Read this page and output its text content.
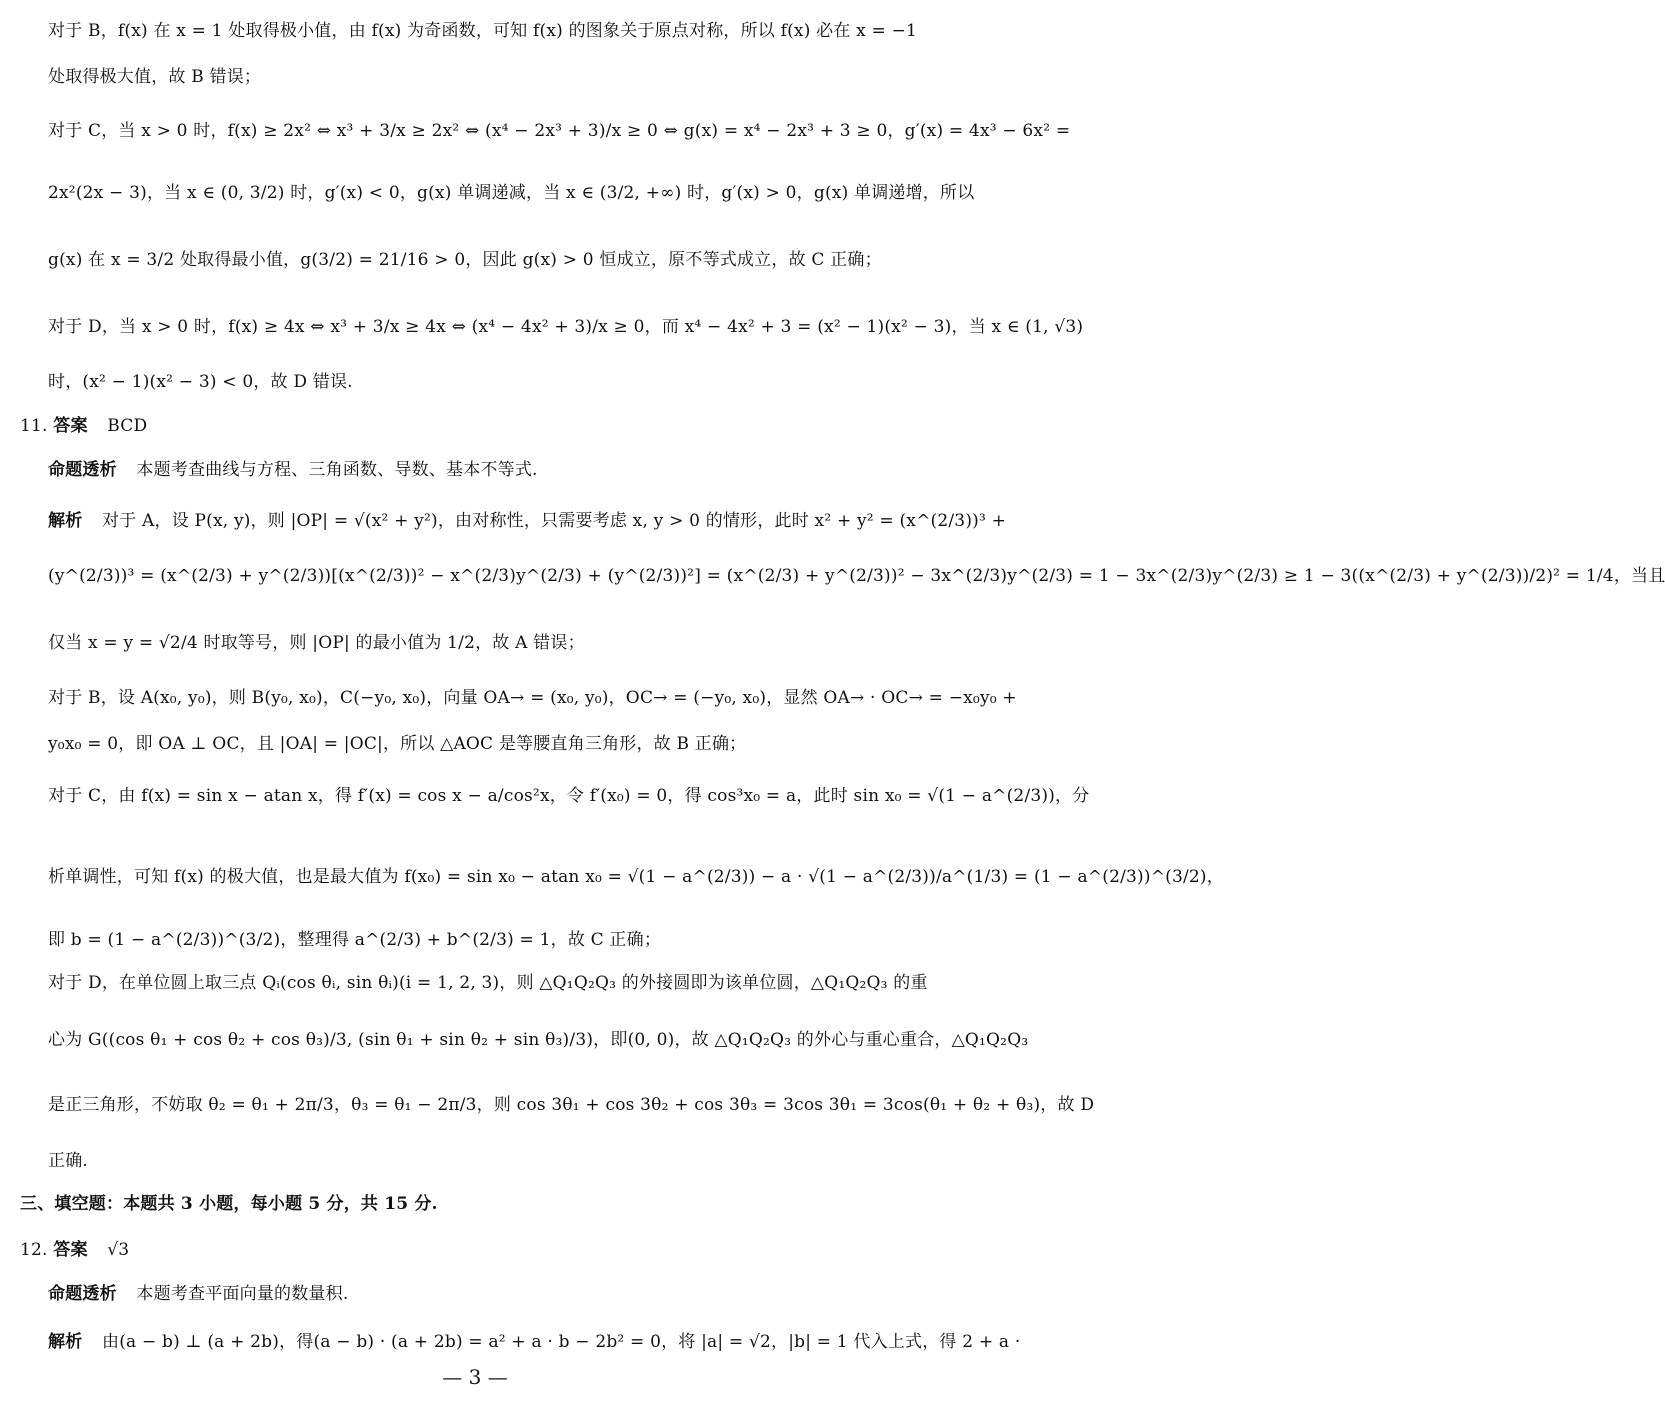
对于 B，f(x) 在 x = 1 处取得极小值，由 f(x) 为奇函数，可知 f(x) 的图象关于原点对称，所以 f(x) 必在 x = −1
处取得极大值，故 B 错误；
对于 C，当 x > 0 时，f(x) ≥ 2x² ⇔ x³ + 3/x ≥ 2x² ⇔ (x⁴ − 2x³ + 3)/x ≥ 0 ⇔ g(x) = x⁴ − 2x³ + 3 ≥ 0，g′(x) = 4x³ − 6x² =
2x²(2x − 3)，当 x ∈ (0, 3/2) 时，g′(x) < 0，g(x) 单调递减，当 x ∈ (3/2, +∞) 时，g′(x) > 0，g(x) 单调递增，所以
g(x) 在 x = 3/2 处取得最小值，g(3/2) = 21/16 > 0，因此 g(x) > 0 恒成立，原不等式成立，故 C 正确；
对于 D，当 x > 0 时，f(x) ≥ 4x ⇔ x³ + 3/x ≥ 4x ⇔ (x⁴ − 4x² + 3)/x ≥ 0，而 x⁴ − 4x² + 3 = (x² − 1)(x² − 3)，当 x ∈ (1, √3)
时，(x² − 1)(x² − 3) < 0，故 D 错误.
11. 答案 BCD
命题透析 本题考查曲线与方程、三角函数、导数、基本不等式.
解析 对于 A，设 P(x, y)，则 |OP| = √(x² + y²)，由对称性，只需要考虑 x, y > 0 的情形，此时 x² + y² = (x^(2/3))³ +
(y^(2/3))³ = (x^(2/3) + y^(2/3))[(x^(2/3))² − x^(2/3)y^(2/3) + (y^(2/3))²] = (x^(2/3) + y^(2/3))² − 3x^(2/3)y^(2/3) = 1 − 3x^(2/3)y^(2/3) ≥ 1 − 3((x^(2/3) + y^(2/3))/2)² = 1/4，当且
仅当 x = y = √2/4 时取等号，则 |OP| 的最小值为 1/2，故 A 错误；
对于 B，设 A(x₀, y₀)，则 B(y₀, x₀)，C(−y₀, x₀)，向量 OA→ = (x₀, y₀)，OC→ = (−y₀, x₀)，显然 OA→ · OC→ = −x₀y₀ +
y₀x₀ = 0，即 OA ⊥ OC，且 |OA| = |OC|，所以 △AOC 是等腰直角三角形，故 B 正确；
对于 C，由 f(x) = sin x − atan x，得 f′(x) = cos x − a/cos²x，令 f′(x₀) = 0，得 cos³x₀ = a，此时 sin x₀ = √(1 − a^(2/3))，分
析单调性，可知 f(x) 的极大值，也是最大值为 f(x₀) = sin x₀ − atan x₀ = √(1 − a^(2/3)) − a · √(1 − a^(2/3))/a^(1/3) = (1 − a^(2/3))^(3/2)，
即 b = (1 − a^(2/3))^(3/2)，整理得 a^(2/3) + b^(2/3) = 1，故 C 正确；
对于 D，在单位圆上取三点 Qᵢ(cos θᵢ, sin θᵢ)(i = 1, 2, 3)，则 △Q₁Q₂Q₃ 的外接圆即为该单位圆，△Q₁Q₂Q₃ 的重
心为 G((cos θ₁ + cos θ₂ + cos θ₃)/3, (sin θ₁ + sin θ₂ + sin θ₃)/3)，即(0, 0)，故 △Q₁Q₂Q₃ 的外心与重心重合，△Q₁Q₂Q₃
是正三角形，不妨取 θ₂ = θ₁ + 2π/3，θ₃ = θ₁ − 2π/3，则 cos 3θ₁ + cos 3θ₂ + cos 3θ₃ = 3cos 3θ₁ = 3cos(θ₁ + θ₂ + θ₃)，故 D
正确.
三、填空题：本题共 3 小题，每小题 5 分，共 15 分.
12. 答案 √3
命题透析 本题考查平面向量的数量积.
解析 由(a − b) ⊥ (a + 2b)，得(a − b) · (a + 2b) = a² + a · b − 2b² = 0，将 |a| = √2，|b| = 1 代入上式，得 2 + a ·
— 3 —
